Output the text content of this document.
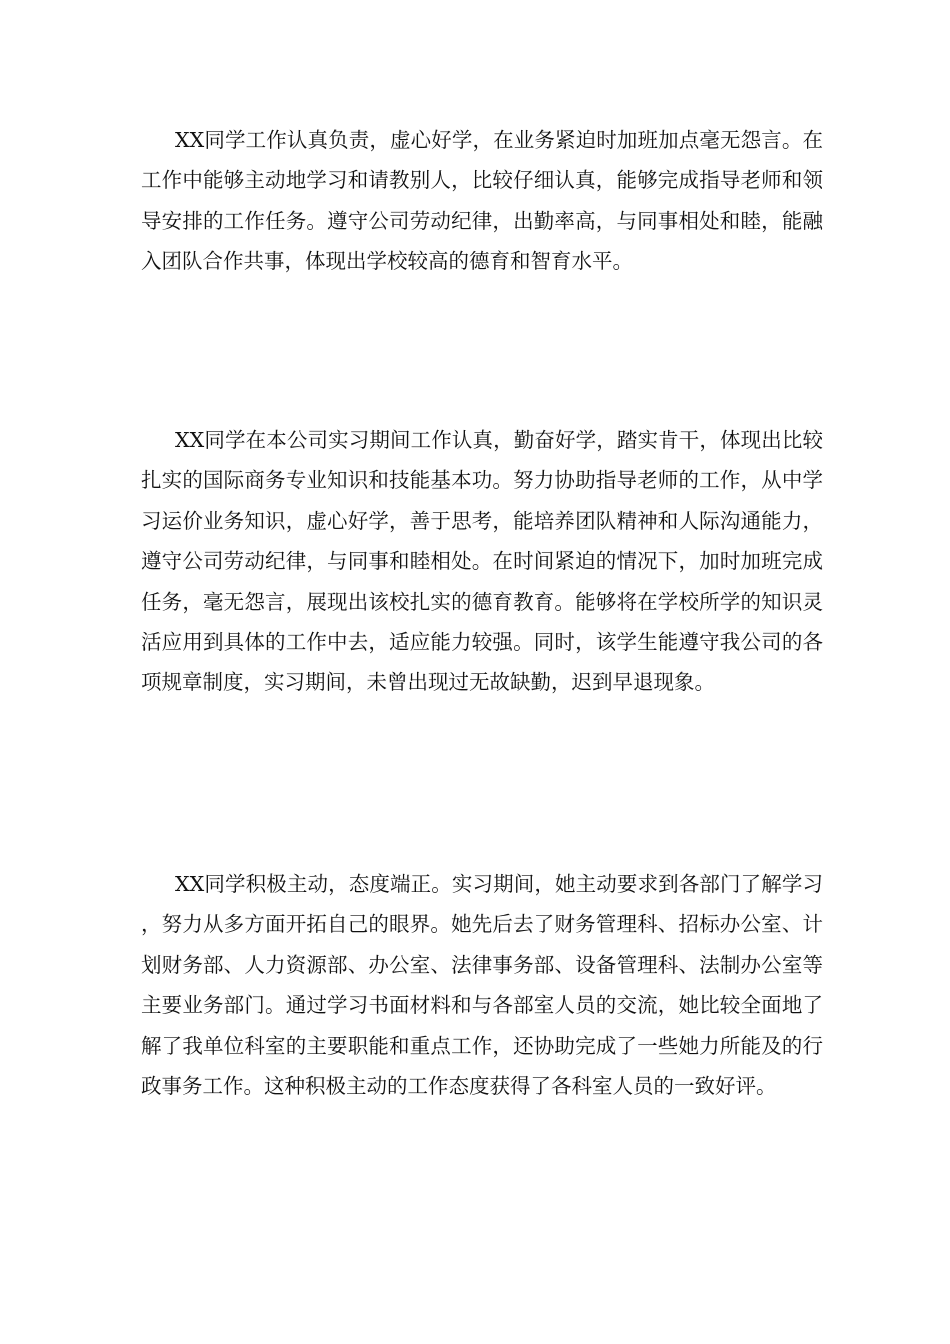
XX同学工作认真负责，虚心好学，在业务紧迫时加班加点毫无怨言。在工作中能够主动地学习和请教别人，比较仔细认真，能够完成指导老师和领导安排的工作任务。遵守公司劳动纪律，出勤率高，与同事相处和睦，能融入团队合作共事，体现出学校较高的德育和智育水平。

XX同学在本公司实习期间工作认真，勤奋好学，踏实肯干，体现出比较扎实的国际商务专业知识和技能基本功。努力协助指导老师的工作，从中学习运价业务知识，虚心好学，善于思考，能培养团队精神和人际沟通能力，遵守公司劳动纪律，与同事和睦相处。在时间紧迫的情况下，加时加班完成任务，毫无怨言，展现出该校扎实的德育教育。能够将在学校所学的知识灵活应用到具体的工作中去，适应能力较强。同时，该学生能遵守我公司的各项规章制度，实习期间，未曾出现过无故缺勤，迟到早退现象。

XX同学积极主动，态度端正。实习期间，她主动要求到各部门了解学习，努力从多方面开拓自己的眼界。她先后去了财务管理科、招标办公室、计划财务部、人力资源部、办公室、法律事务部、设备管理科、法制办公室等主要业务部门。通过学习书面材料和与各部室人员的交流，她比较全面地了解了我单位科室的主要职能和重点工作，还协助完成了一些她力所能及的行政事务工作。这种积极主动的工作态度获得了各科室人员的一致好评。
